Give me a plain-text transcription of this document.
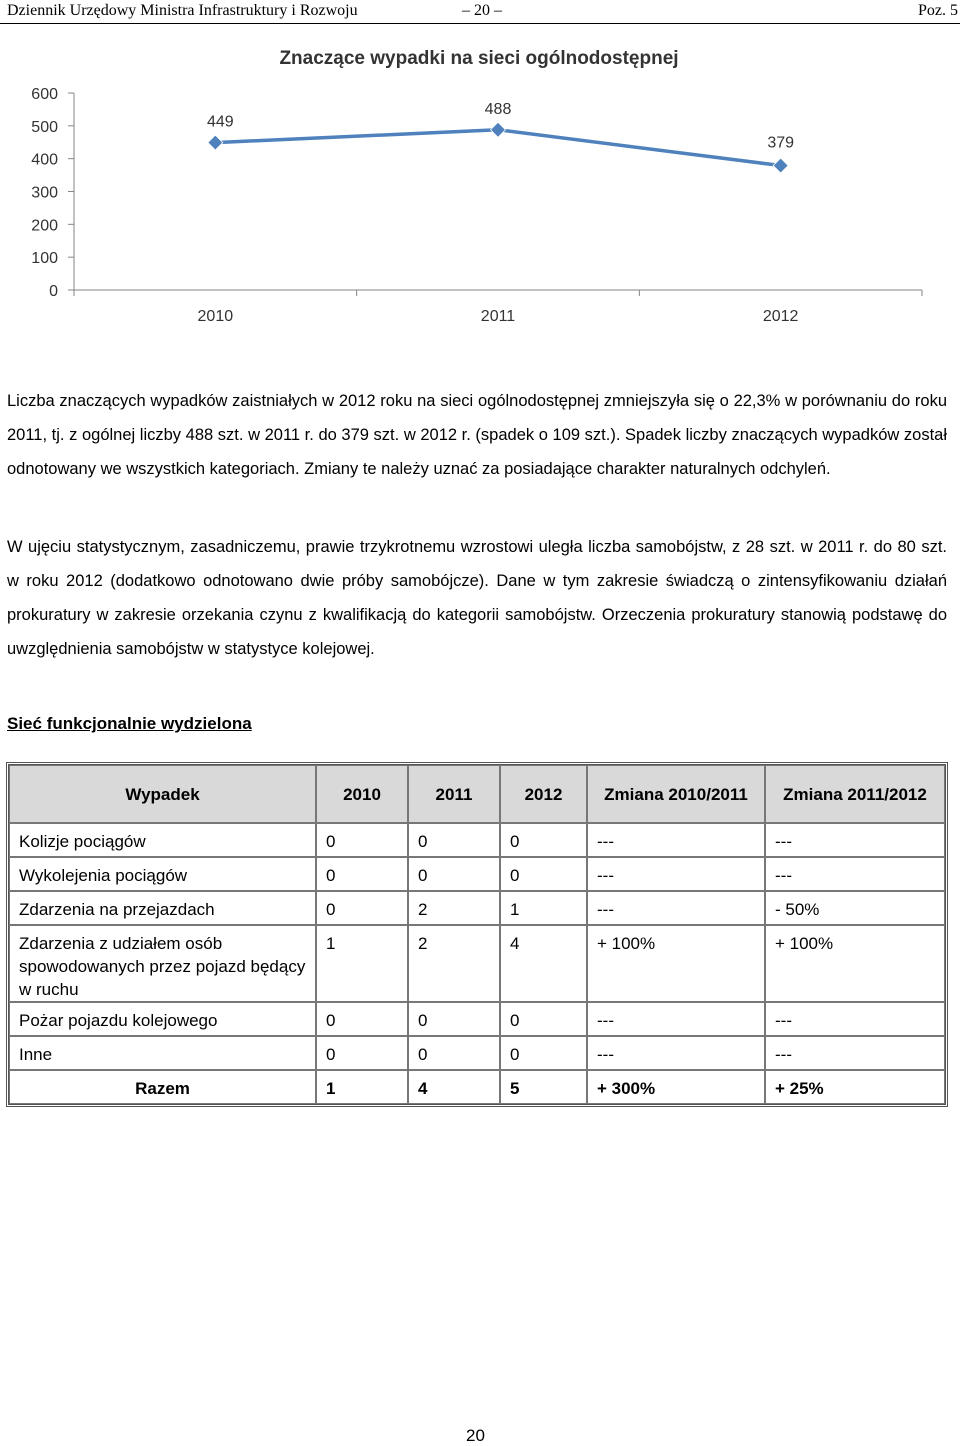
Dziennik Urzędowy Ministra Infrastruktury i Rozwoju	– 20 –	Poz. 5
Znaczące wypadki na sieci ogólnodostępnej
0
100
200
300
400
500
600
2010	2011	2012
449
488
379

Liczba znaczących wypadków zaistniałych w 2012 roku na sieci ogólnodostępnej zmniejszyła się o 22,3% w porównaniu do roku 2011, tj. z ogólnej liczby 488 szt. w 2011 r. do 379 szt. w 2012 r. (spadek o 109 szt.). Spadek liczby znaczących wypadków został odnotowany we wszystkich kategoriach. Zmiany te należy uznać za posiadające charakter naturalnych odchyleń.

W ujęciu statystycznym, zasadniczemu, prawie trzykrotnemu wzrostowi uległa liczba samobójstw, z 28 szt. w 2011 r. do 80 szt. w roku 2012 (dodatkowo odnotowano dwie próby samobójcze). Dane w tym zakresie świadczą o zintensyfikowaniu działań prokuratury w zakresie orzekania czynu z kwalifikacją do kategorii samobójstw. Orzeczenia prokuratury stanowią podstawę do uwzględnienia samobójstw w statystyce kolejowej.

Sieć funkcjonalnie wydzielona

Wypadek	2010	2011	2012	Zmiana 2010/2011	Zmiana 2011/2012
Kolizje pociągów	0	0	0	---	---
Wykolejenia pociągów	0	0	0	---	---
Zdarzenia na przejazdach	0	2	1	---	- 50%
Zdarzenia z udziałem osób spowodowanych przez pojazd będący w ruchu	1	2	4	+ 100%	+ 100%
Pożar pojazdu kolejowego	0	0	0	---	---
Inne	0	0	0	---	---
Razem	1	4	5	+ 300%	+ 25%
20
